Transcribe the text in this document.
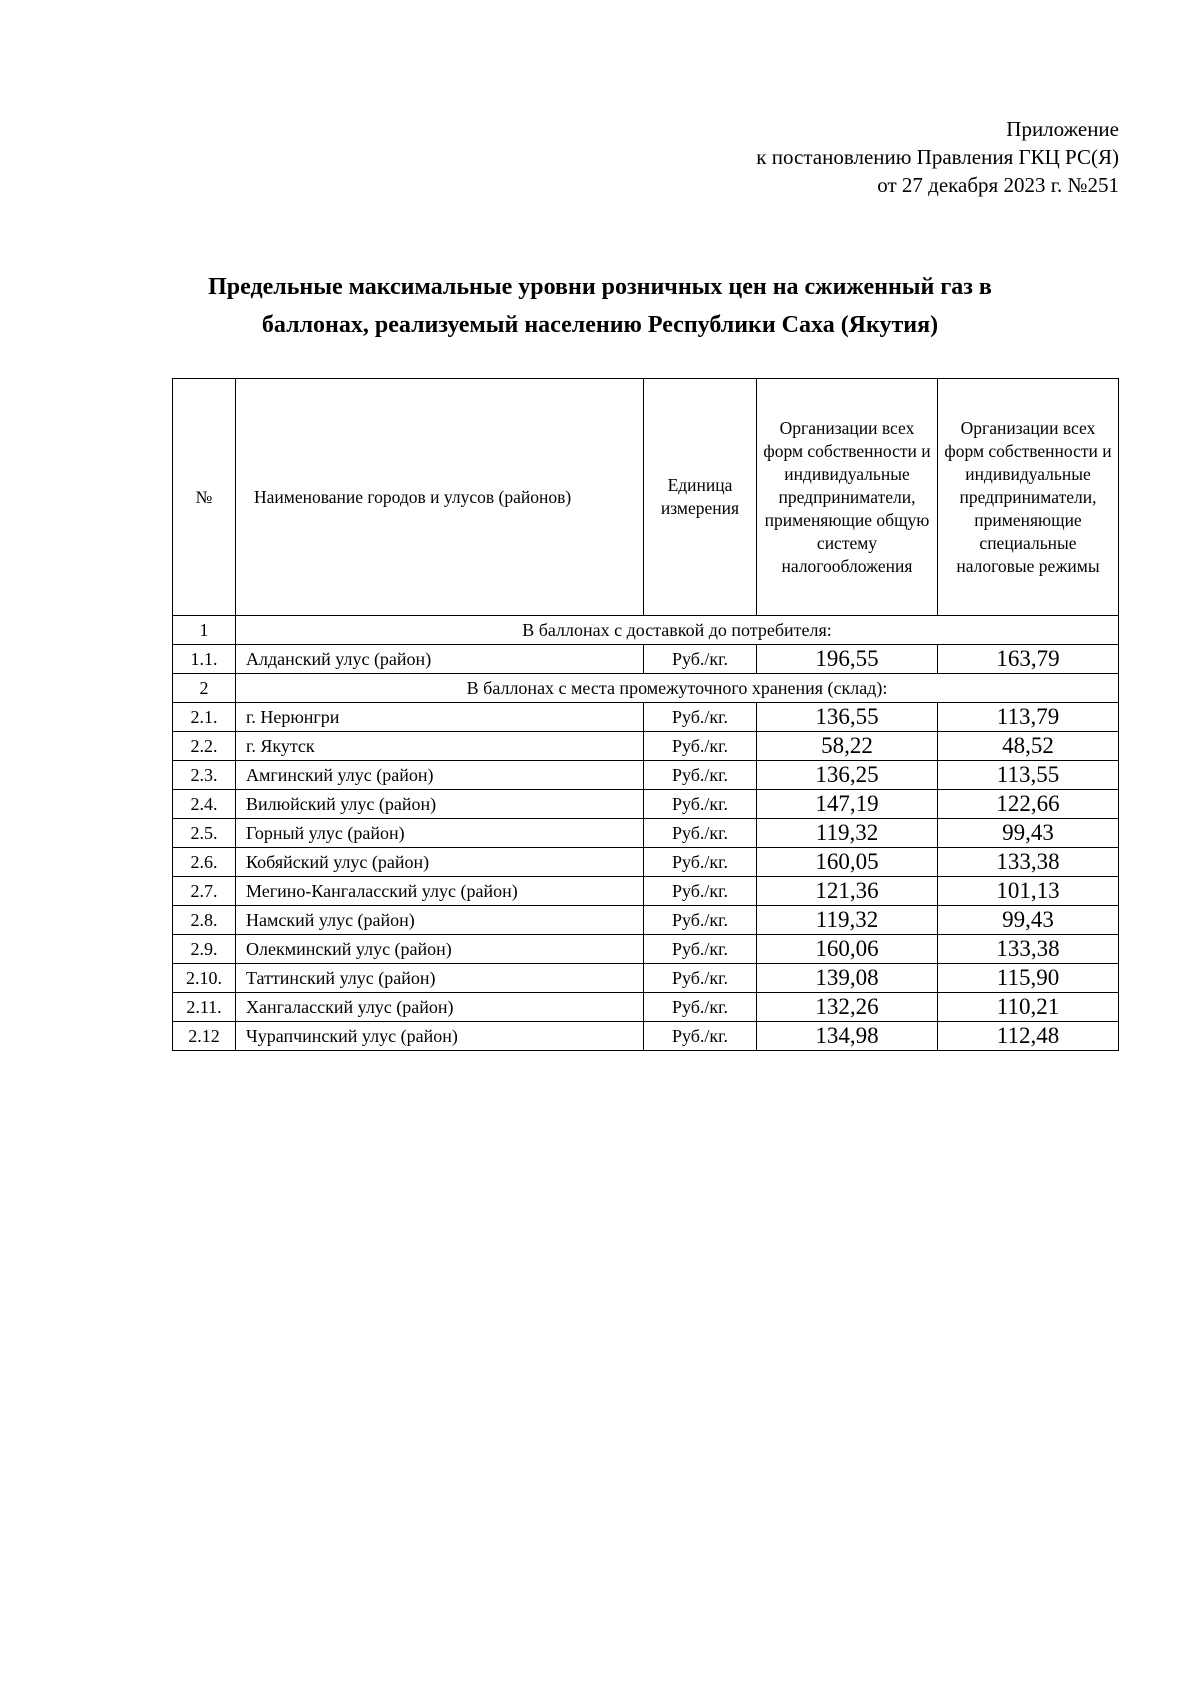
Приложение
к постановлению Правления ГКЦ РС(Я)
от 27 декабря 2023 г. №251
Предельные максимальные уровни розничных цен на сжиженный газ в
баллонах, реализуемый населению Республики Саха (Якутия)
№	Наименование городов и улусов (районов)	Единица измерения	Организации всех форм собственности и индивидуальные предприниматели, применяющие общую систему налогообложения	Организации всех форм собственности и индивидуальные предприниматели, применяющие специальные налоговые режимы
1	В баллонах с доставкой до потребителя:			
1.1.	Алданский улус (район)	Руб./кг.	196,55	163,79
2	В баллонах с места промежуточного хранения (склад):			
2.1.	г. Нерюнгри	Руб./кг.	136,55	113,79
2.2.	г. Якутск	Руб./кг.	58,22	48,52
2.3.	Амгинский улус (район)	Руб./кг.	136,25	113,55
2.4.	Вилюйский улус (район)	Руб./кг.	147,19	122,66
2.5.	Горный улус (район)	Руб./кг.	119,32	99,43
2.6.	Кобяйский улус (район)	Руб./кг.	160,05	133,38
2.7.	Мегино-Кангаласский улус (район)	Руб./кг.	121,36	101,13
2.8.	Намский улус (район)	Руб./кг.	119,32	99,43
2.9.	Олекминский улус (район)	Руб./кг.	160,06	133,38
2.10.	Таттинский улус (район)	Руб./кг.	139,08	115,90
2.11.	Хангаласский улус (район)	Руб./кг.	132,26	110,21
2.12	Чурапчинский улус (район)	Руб./кг.	134,98	112,48
